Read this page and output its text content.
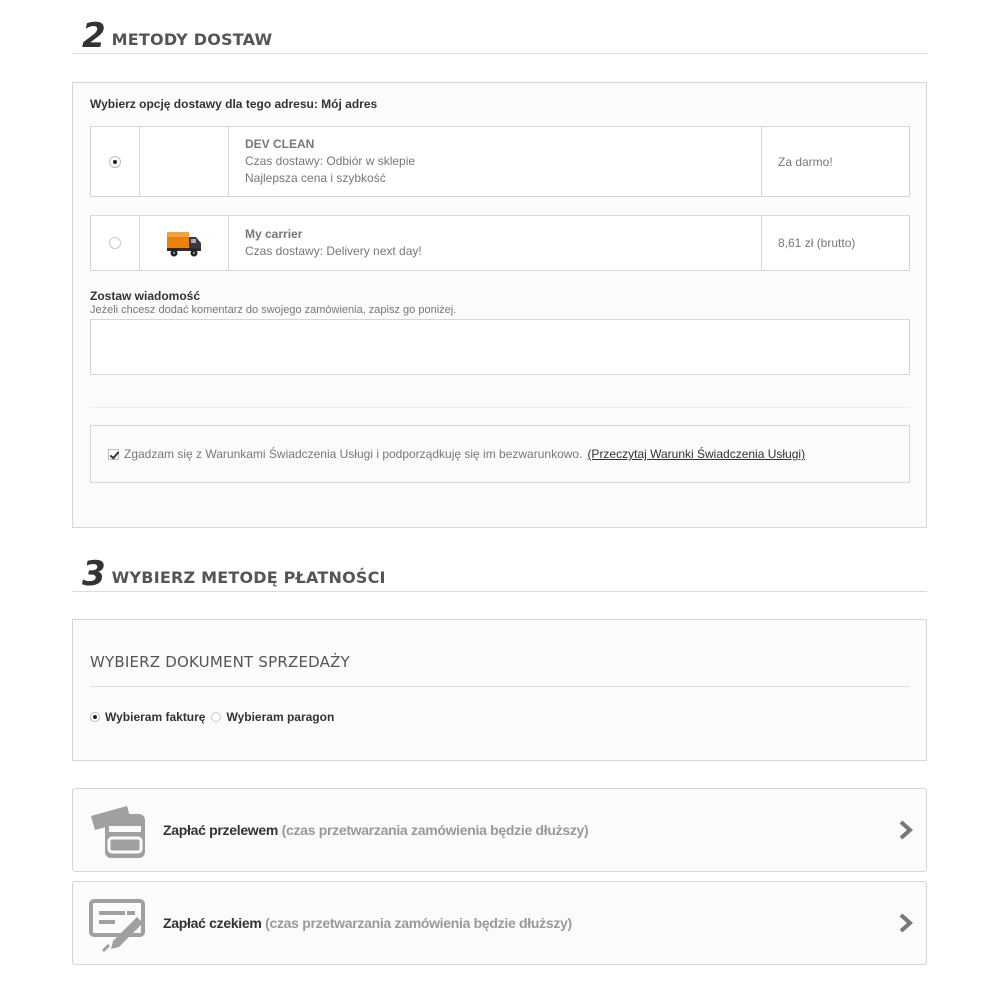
2 METODY DOSTAW
Wybierz opcję dostawy dla tego adresu: Mój adres
DEV CLEAN
Czas dostawy: Odbiór w sklepie
Najlepsza cena i szybkość
Za darmo!
My carrier
Czas dostawy: Delivery next day!
8,61 zł (brutto)
Zostaw wiadomość
Jeżeli chcesz dodać komentarz do swojego zamówienia, zapisz go poniżej.
Zgadzam się z Warunkami Świadczenia Usługi i podporządkuję się im bezwarunkowo. (Przeczytaj Warunki Świadczenia Usługi)
3 WYBIERZ METODĘ PŁATNOŚCI
WYBIERZ DOKUMENT SPRZEDAŻY
Wybieram fakturę Wybieram paragon
Zapłać przelewem (czas przetwarzania zamówienia będzie dłuższy)
Zapłać czekiem (czas przetwarzania zamówienia będzie dłuższy)
